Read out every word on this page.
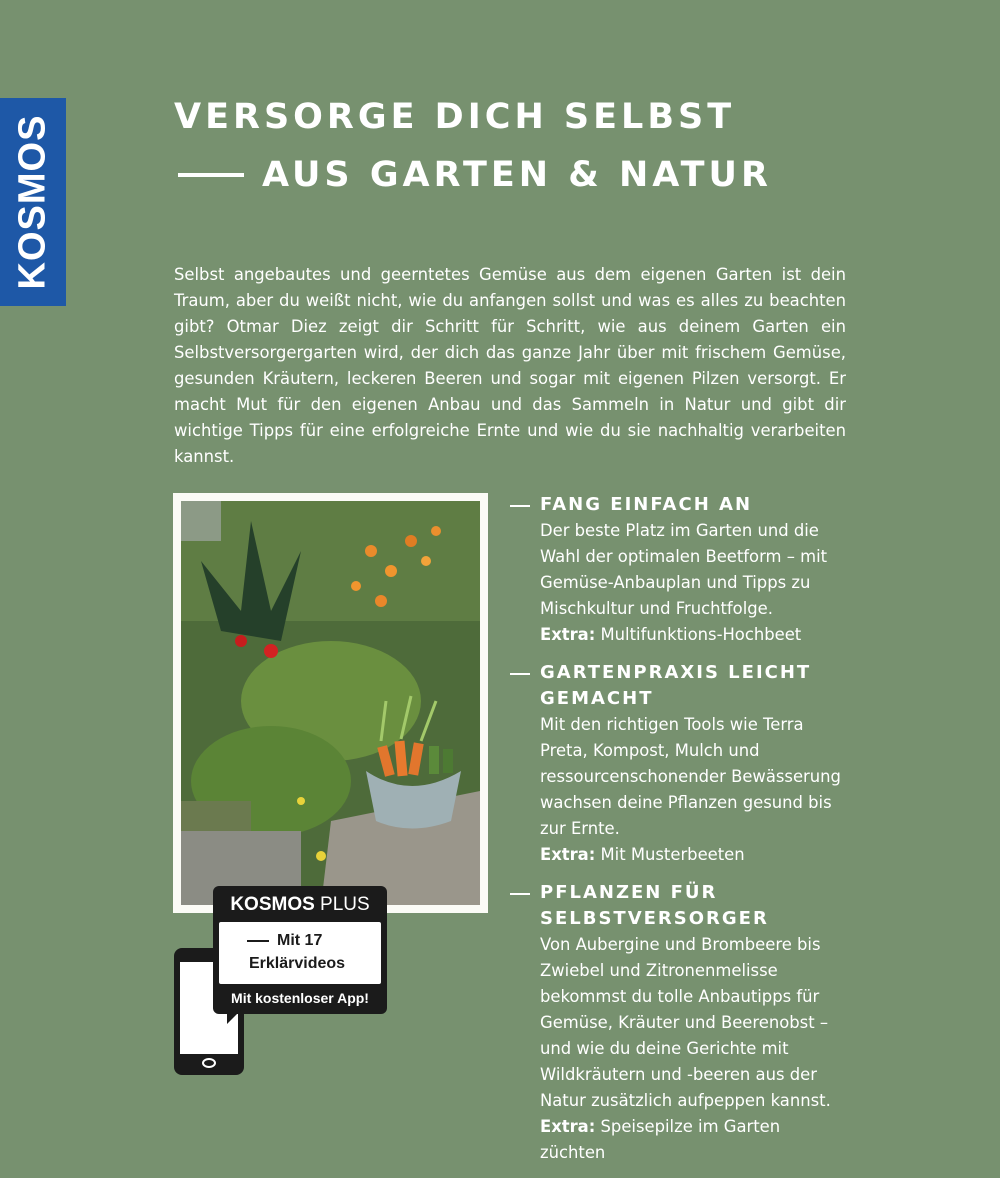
KOSMOS	VERSORGE DICH SELBST
AUS GARTEN & NATUR
Selbst angebautes und geerntetes Gemüse aus dem eigenen Garten ist dein Traum, aber du weißt nicht, wie du anfangen sollst und was es alles zu beachten gibt? Otmar Diez zeigt dir Schritt für Schritt, wie aus deinem Garten ein Selbstversorgergarten wird, der dich das ganze Jahr über mit frischem Gemüse, gesunden Kräutern, leckeren Beeren und sogar mit eigenen Pilzen versorgt. Er macht Mut für den eigenen Anbau und das Sammeln in Natur und gibt dir wichtige Tipps für eine erfolgreiche Ernte und wie du sie nachhaltig verarbeiten kannst.
FANG EINFACH AN

Der beste Platz im Garten und die Wahl der optimalen Beetform – mit Gemüse-Anbauplan und Tipps zu Mischkultur und Fruchtfolge.

Extra: Multifunktions-Hochbeet

GARTENPRAXIS LEICHT GEMACHT

Mit den richtigen Tools wie Terra Preta, Kompost, Mulch und ressourcenschonender Bewässerung wachsen deine Pflanzen gesund bis zur Ernte.

Extra: Mit Musterbeeten

PFLANZEN FÜR SELBSTVERSORGER

Von Aubergine und Brombeere bis Zwiebel und Zitronenmelisse bekommst du tolle Anbautipps für Gemüse, Kräuter und Beerenobst – und wie du deine Gerichte mit Wildkräutern und -beeren aus der Natur zusätzlich aufpeppen kannst.

Extra: Speisepilze im Garten züchten

KOSMOS PLUS
Mit 17
Erklärvideos
Mit kostenloser App!
